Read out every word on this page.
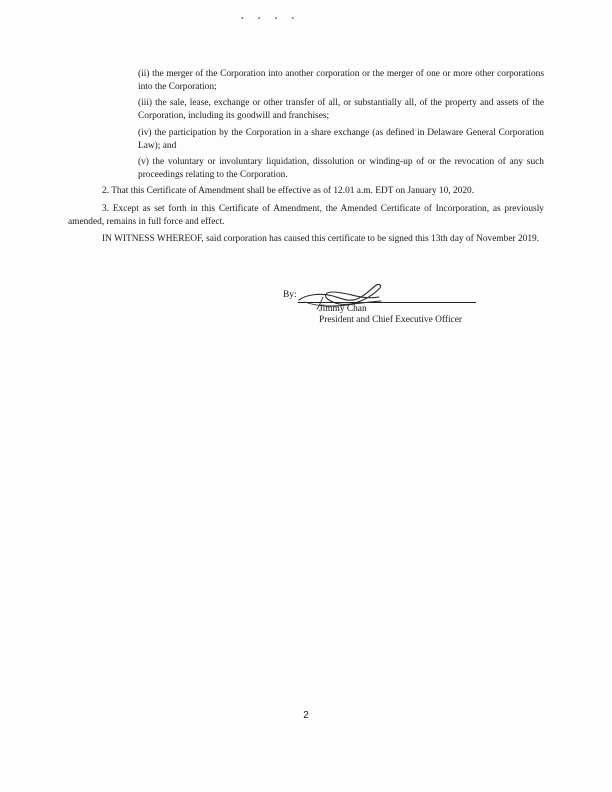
• • • •

(ii) the merger of the Corporation into another corporation or the merger of one or more other corporations into the Corporation;

(iii) the sale, lease, exchange or other transfer of all, or substantially all, of the property and assets of the Corporation, including its goodwill and franchises;

(iv) the participation by the Corporation in a share exchange (as defined in Delaware General Corporation Law); and

(v) the voluntary or involuntary liquidation, dissolution or winding-up of or the revocation of any such proceedings relating to the Corporation.

2. That this Certificate of Amendment shall be effective as of 12.01 a.m. EDT on January 10, 2020.

3. Except as set forth in this Certificate of Amendment, the Amended Certificate of Incorporation, as previously amended, remains in full force and effect.

IN WITNESS WHEREOF, said corporation has caused this certificate to be signed this 13th day of November 2019.

By:
Jimmy Chan
President and Chief Executive Officer
2
